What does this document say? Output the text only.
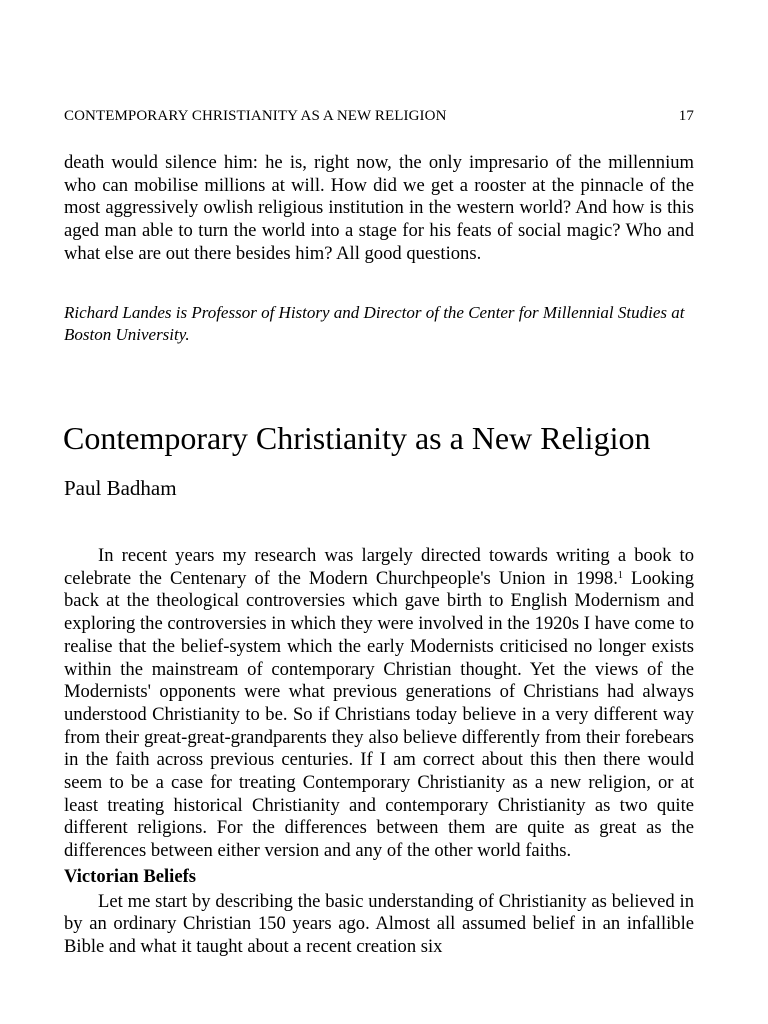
CONTEMPORARY CHRISTIANITY AS A NEW RELIGION	17

death would silence him: he is, right now, the only impresario of the millennium who can mobilise millions at will. How did we get a rooster at the pinnacle of the most aggressively owlish religious institution in the western world? And how is this aged man able to turn the world into a stage for his feats of social magic? Who and what else are out there besides him? All good questions.

Richard Landes is Professor of History and Director of the Center for Millennial Studies at Boston University.
Contemporary Christianity as a New Religion
Paul Badham

In recent years my research was largely directed towards writing a book to celebrate the Centenary of the Modern Churchpeople's Union in 1998.$^1$ Looking back at the theological controversies which gave birth to English Modernism and exploring the controversies in which they were involved in the 1920s I have come to realise that the belief-system which the early Modernists criticised no longer exists within the mainstream of contemporary Christian thought. Yet the views of the Modernists' opponents were what previous generations of Christians had always understood Christianity to be. So if Christians today believe in a very different way from their great-great-grandparents they also believe differently from their forebears in the faith across previous centuries. If I am correct about this then there would seem to be a case for treating Contemporary Christianity as a new religion, or at least treating historical Christianity and contemporary Christianity as two quite different religions. For the differences between them are quite as great as the differences between either version and any of the other world faiths.

Victorian Beliefs

Let me start by describing the basic understanding of Christianity as believed in by an ordinary Christian 150 years ago. Almost all assumed belief in an infallible Bible and what it taught about a recent creation six
